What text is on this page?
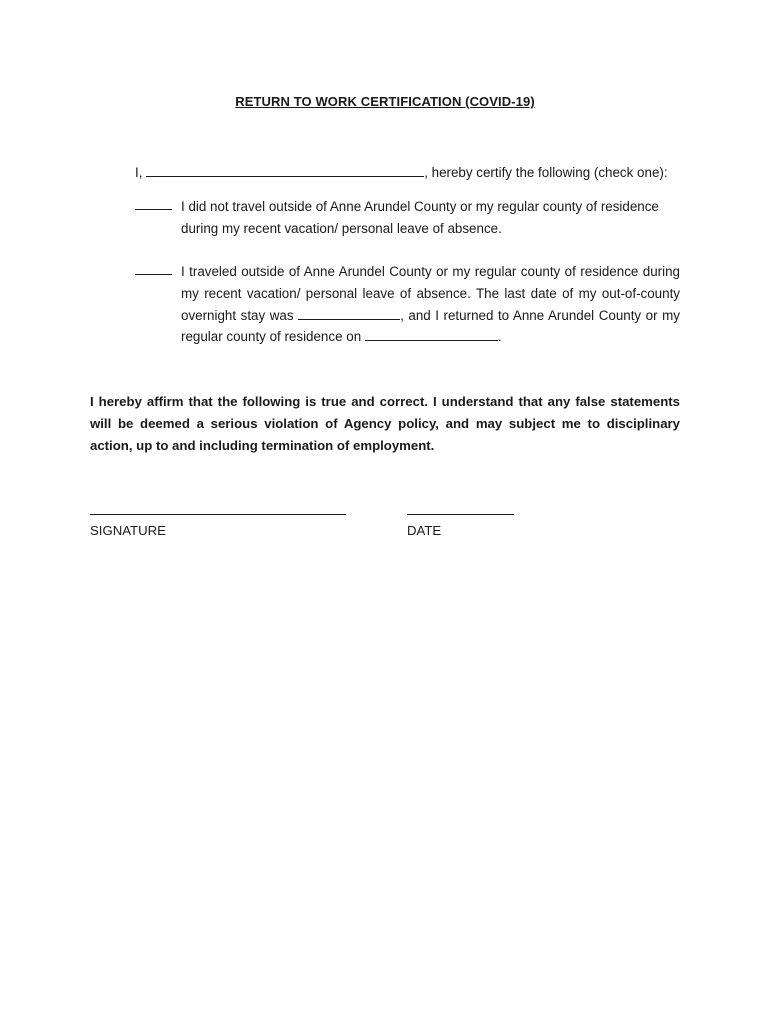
RETURN TO WORK CERTIFICATION (COVID-19)
I,	, hereby certify the following (check one):
I did not travel outside of Anne Arundel County or my regular county of residence during my recent vacation/ personal leave of absence.
I traveled outside of Anne Arundel County or my regular county of residence during my recent vacation/ personal leave of absence. The last date of my out-of-county overnight stay was	, and I returned to Anne Arundel County or my regular county of residence on	.
I hereby affirm that the following is true and correct. I understand that any false statements will be deemed a serious violation of Agency policy, and may subject me to disciplinary action, up to and including termination of employment.
SIGNATURE	DATE
